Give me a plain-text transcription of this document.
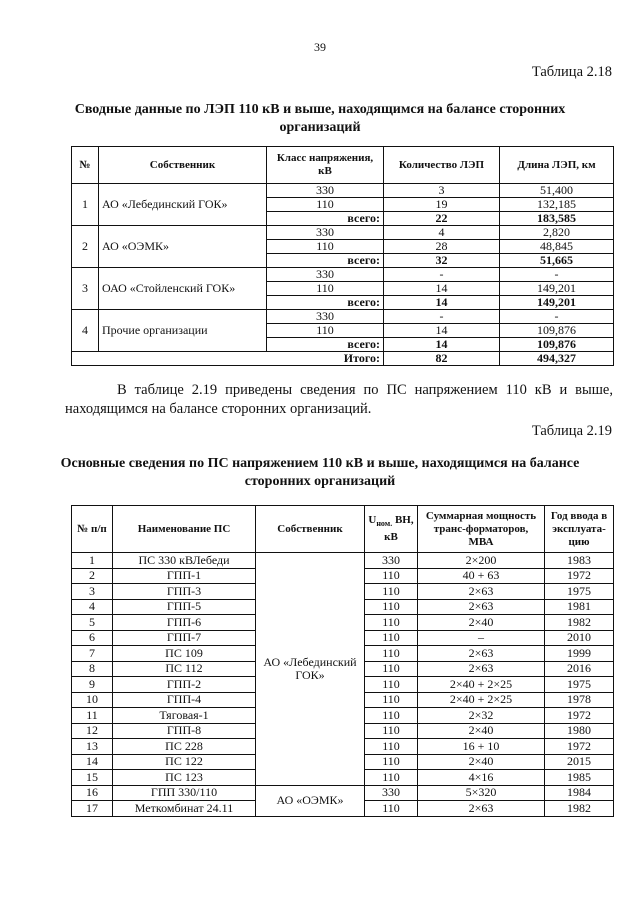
39
Таблица 2.18
Сводные данные по ЛЭП 110 кВ и выше, находящимся на балансе сторонних организаций
№	Собственник	Класс напряжения, кВ	Количество ЛЭП	Длина ЛЭП, км
1	АО «Лебединский ГОК»	330	3	51,400
		110	19	132,185
		всего:	22	183,585
2	АО «ОЭМК»	330	4	2,820
		110	28	48,845
		всего:	32	51,665
3	ОАО «Стойленский ГОК»	330	-	-
		110	14	149,201
		всего:	14	149,201
4	Прочие организации	330	-	-
		110	14	109,876
		всего:	14	109,876
Итого:			82	494,327
В таблице 2.19 приведены сведения по ПС напряжением 110 кВ и выше, находящимся на балансе сторонних организаций.
Таблица 2.19
Основные сведения по ПС напряжением 110 кВ и выше, находящимся на балансе сторонних организаций
№ п/п	Наименование ПС	Собственник	$U_{ном.}$ ВН, кВ	Суммарная мощность транс-форматоров, МВА	Год ввода в эксплуата-цию
1	ПС 330 кВЛебеди	АО «Лебединский ГОК»	330	2×200	1983
2	ГПП-1		110	40 + 63	1972
3	ГПП-3		110	2×63	1975
4	ГПП-5		110	2×63	1981
5	ГПП-6		110	2×40	1982
6	ГПП-7		110	–	2010
7	ПС 109		110	2×63	1999
8	ПС 112		110	2×63	2016
9	ГПП-2		110	2×40 + 2×25	1975
10	ГПП-4		110	2×40 + 2×25	1978
11	Тяговая-1		110	2×32	1972
12	ГПП-8		110	2×40	1980
13	ПС 228		110	16 + 10	1972
14	ПС 122		110	2×40	2015
15	ПС 123		110	4×16	1985
16	ГПП 330/110	АО «ОЭМК»	330	5×320	1984
17	Меткомбинат 24.11		110	2×63	1982
